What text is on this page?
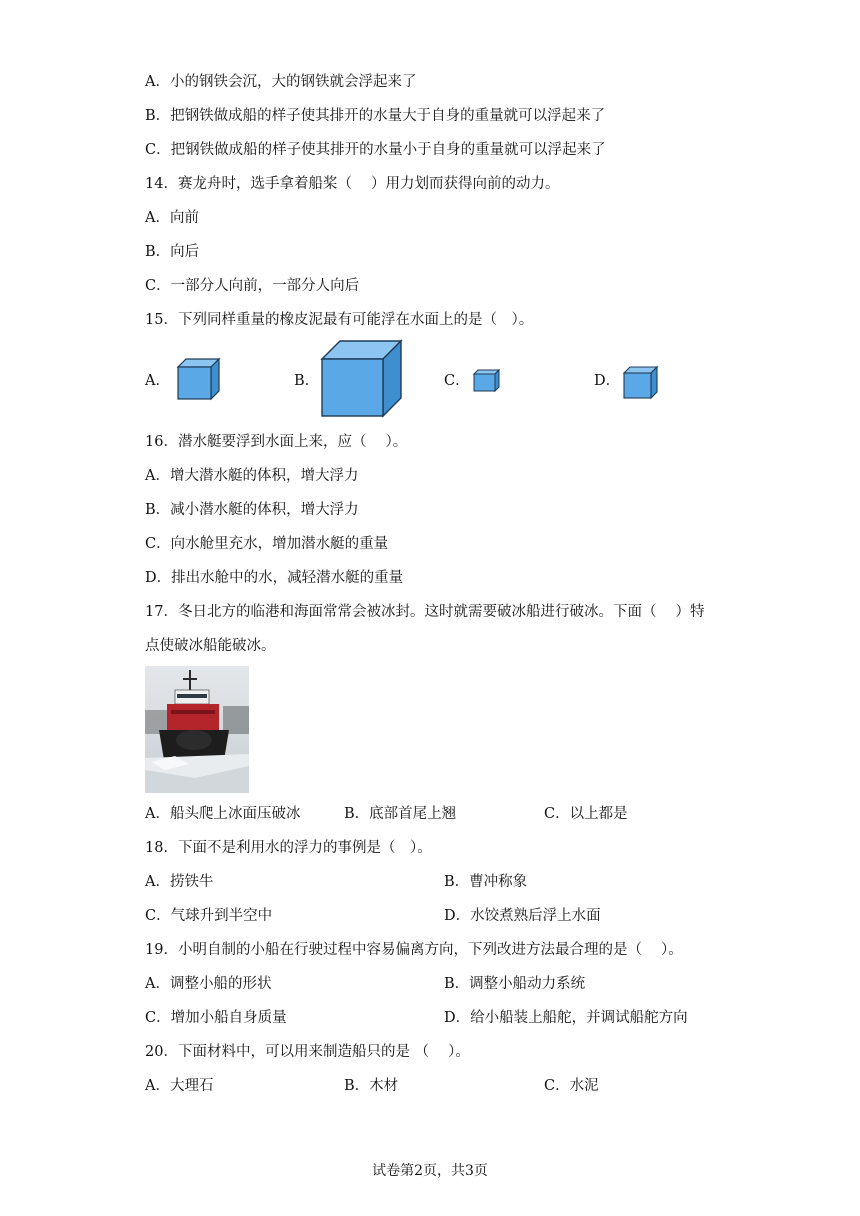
A．小的钢铁会沉，大的钢铁就会浮起来了
B．把钢铁做成船的样子使其排开的水量大于自身的重量就可以浮起来了
C．把钢铁做成船的样子使其排开的水量小于自身的重量就可以浮起来了
14．赛龙舟时，选手拿着船桨（　 ）用力划而获得向前的动力。
A．向前
B．向后
C．一部分人向前，一部分人向后
15．下列同样重量的橡皮泥最有可能浮在水面上的是（　）。
A．	B．	C．	D．
16．潜水艇要浮到水面上来，应（　 ）。
A．增大潜水艇的体积，增大浮力
B．减小潜水艇的体积，增大浮力
C．向水舱里充水，增加潜水艇的重量
D．排出水舱中的水，减轻潜水艇的重量
17．冬日北方的临港和海面常常会被冰封。这时就需要破冰船进行破冰。下面（　 ）特
点使破冰船能破冰。
A．船头爬上冰面压破冰	B．底部首尾上翘	C．以上都是
18．下面不是利用水的浮力的事例是（　）。
A．捞铁牛	B．曹冲称象
C．气球升到半空中	D．水饺煮熟后浮上水面
19．小明自制的小船在行驶过程中容易偏离方向，下列改进方法最合理的是（　 ）。
A．调整小船的形状	B．调整小船动力系统
C．增加小船自身质量	D．给小船装上船舵，并调试船舵方向
20．下面材料中，可以用来制造船只的是 （　 ）。
A．大理石	B．木材	C．水泥
试卷第2页，共3页
